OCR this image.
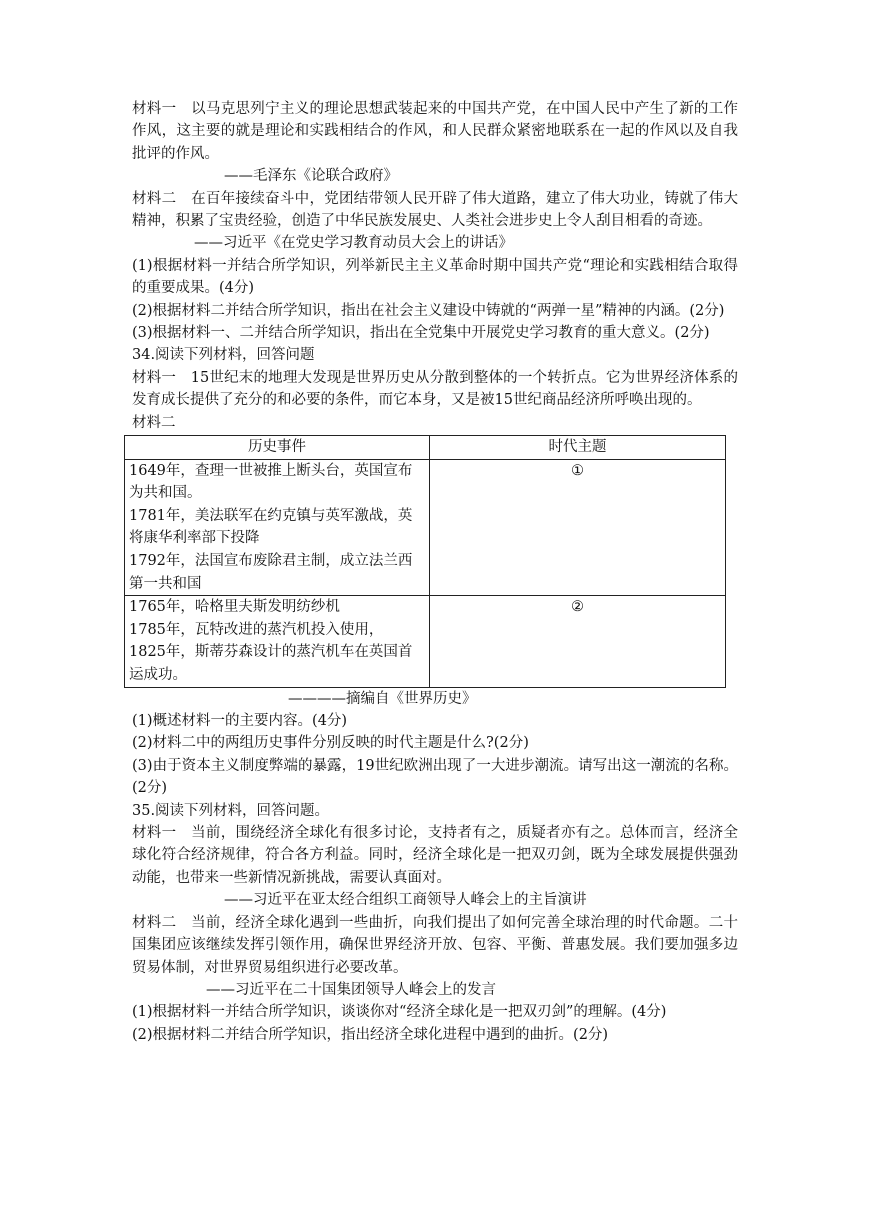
材料一　以马克思列宁主义的理论思想武装起来的中国共产党，在中国人民中产生了新的工作作风，这主要的就是理论和实践相结合的作风，和人民群众紧密地联系在一起的作风以及自我批评的作风。

——毛泽东《论联合政府》

材料二　在百年接续奋斗中，党团结带领人民开辟了伟大道路，建立了伟大功业，铸就了伟大精神，积累了宝贵经验，创造了中华民族发展史、人类社会进步史上令人刮目相看的奇迹。

——习近平《在党史学习教育动员大会上的讲话》

(1)根据材料一并结合所学知识，列举新民主主义革命时期中国共产党“理论和实践相结合取得的重要成果。(4分)

(2)根据材料二并结合所学知识，指出在社会主义建设中铸就的“两弹一星”精神的内涵。(2分)

(3)根据材料一、二并结合所学知识，指出在全党集中开展党史学习教育的重大意义。(2分)

34.阅读下列材料，回答问题

材料一　15世纪末的地理大发现是世界历史从分散到整体的一个转折点。它为世界经济体系的发育成长提供了充分的和必要的条件，而它本身，又是被15世纪商品经济所呼唤出现的。

材料二

历史事件	时代主题

1649年，查理一世被推上断头台，英国宣布为共和国。
1781年，美法联军在约克镇与英军激战，英将康华利率部下投降
1792年，法国宣布废除君主制，成立法兰西第一共和国	①

1765年，哈格里夫斯发明纺纱机
1785年，瓦特改进的蒸汽机投入使用，
1825年，斯蒂芬森设计的蒸汽机车在英国首运成功。	②

————摘编自《世界历史》

(1)概述材料一的主要内容。(4分)

(2)材料二中的两组历史事件分别反映的时代主题是什么?(2分)

(3)由于资本主义制度弊端的暴露，19世纪欧洲出现了一大进步潮流。请写出这一潮流的名称。(2分)

35.阅读下列材料，回答问题。

材料一　当前，围绕经济全球化有很多讨论，支持者有之，质疑者亦有之。总体而言，经济全球化符合经济规律，符合各方利益。同时，经济全球化是一把双刃剑，既为全球发展提供强劲动能，也带来一些新情况新挑战，需要认真面对。

——习近平在亚太经合组织工商领导人峰会上的主旨演讲

材料二　当前，经济全球化遇到一些曲折，向我们提出了如何完善全球治理的时代命题。二十国集团应该继续发挥引领作用，确保世界经济开放、包容、平衡、普惠发展。我们要加强多边贸易体制，对世界贸易组织进行必要改革。

——习近平在二十国集团领导人峰会上的发言

(1)根据材料一并结合所学知识，谈谈你对“经济全球化是一把双刃剑”的理解。(4分)

(2)根据材料二并结合所学知识，指出经济全球化进程中遇到的曲折。(2分)
